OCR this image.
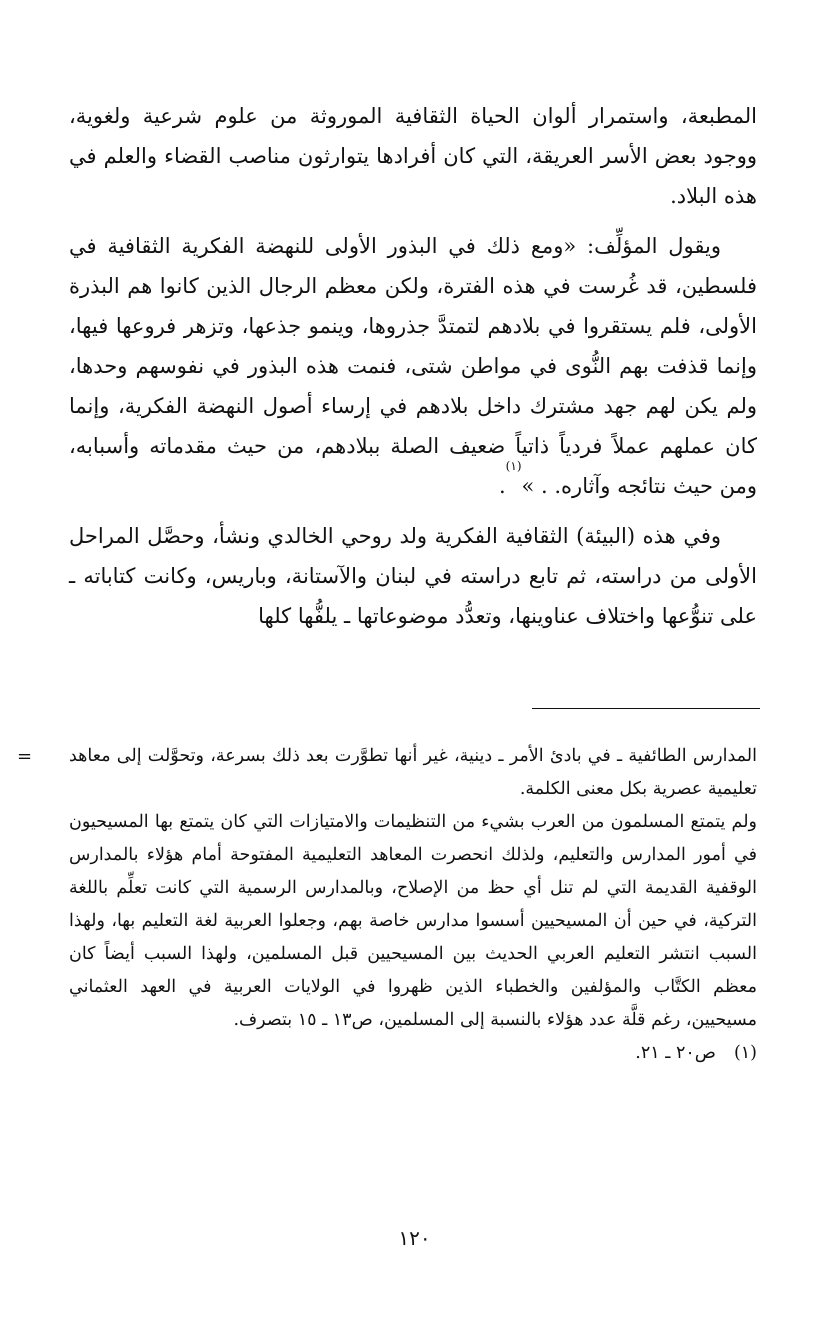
المطبعة، واستمرار ألوان الحياة الثقافية الموروثة من علوم شرعية ولغوية، ووجود بعض الأسر العريقة، التي كان أفرادها يتوارثون مناصب القضاء والعلم في هذه البلاد.

ويقول المؤلِّف: «ومع ذلك في البذور الأولى للنهضة الفكرية الثقافية في فلسطين، قد غُرست في هذه الفترة، ولكن معظم الرجال الذين كانوا هم البذرة الأولى، فلم يستقروا في بلادهم لتمتدَّ جذروها، وينمو جذعها، وتزهر فروعها فيها، وإنما قذفت بهم النُّوى في مواطن شتى، فنمت هذه البذور في نفوسهم وحدها، ولم يكن لهم جهد مشترك داخل بلادهم في إرساء أصول النهضة الفكرية، وإنما كان عملهم عملاً فردياً ذاتياً ضعيف الصلة ببلادهم، من حيث مقدماته وأسبابه، ومن حيث نتائجه وآثاره. . »$^{(١)}$.

وفي هذه (البيئة) الثقافية الفكرية ولد روحي الخالدي ونشأ، وحصَّل المراحل الأولى من دراسته، ثم تابع دراسته في لبنان والآستانة، وباريس، وكانت كتاباته ـ على تنوُّعها واختلاف عناوينها، وتعدُّد موضوعاتها ـ يلفُّها كلها

= المدارس الطائفية ـ في بادئ الأمر ـ دينية، غير أنها تطوَّرت بعد ذلك بسرعة، وتحوَّلت إلى معاهد تعليمية عصرية بكل معنى الكلمة.

ولم يتمتع المسلمون من العرب بشيء من التنظيمات والامتيازات التي كان يتمتع بها المسيحيون في أمور المدارس والتعليم، ولذلك انحصرت المعاهد التعليمية المفتوحة أمام هؤلاء بالمدارس الوقفية القديمة التي لم تنل أي حظ من الإصلاح، وبالمدارس الرسمية التي كانت تعلِّم باللغة التركية، في حين أن المسيحيين أسسوا مدارس خاصة بهم، وجعلوا العربية لغة التعليم بها، ولهذا السبب انتشر التعليم العربي الحديث بين المسيحيين قبل المسلمين، ولهذا السبب أيضاً كان معظم الكتَّاب والمؤلفين والخطباء الذين ظهروا في الولايات العربية في العهد العثماني مسيحيين، رغم قلَّة عدد هؤلاء بالنسبة إلى المسلمين، ص١٣ ـ ١٥ بتصرف.

(١)
ص٢٠ ـ ٢١.
١٢٠
